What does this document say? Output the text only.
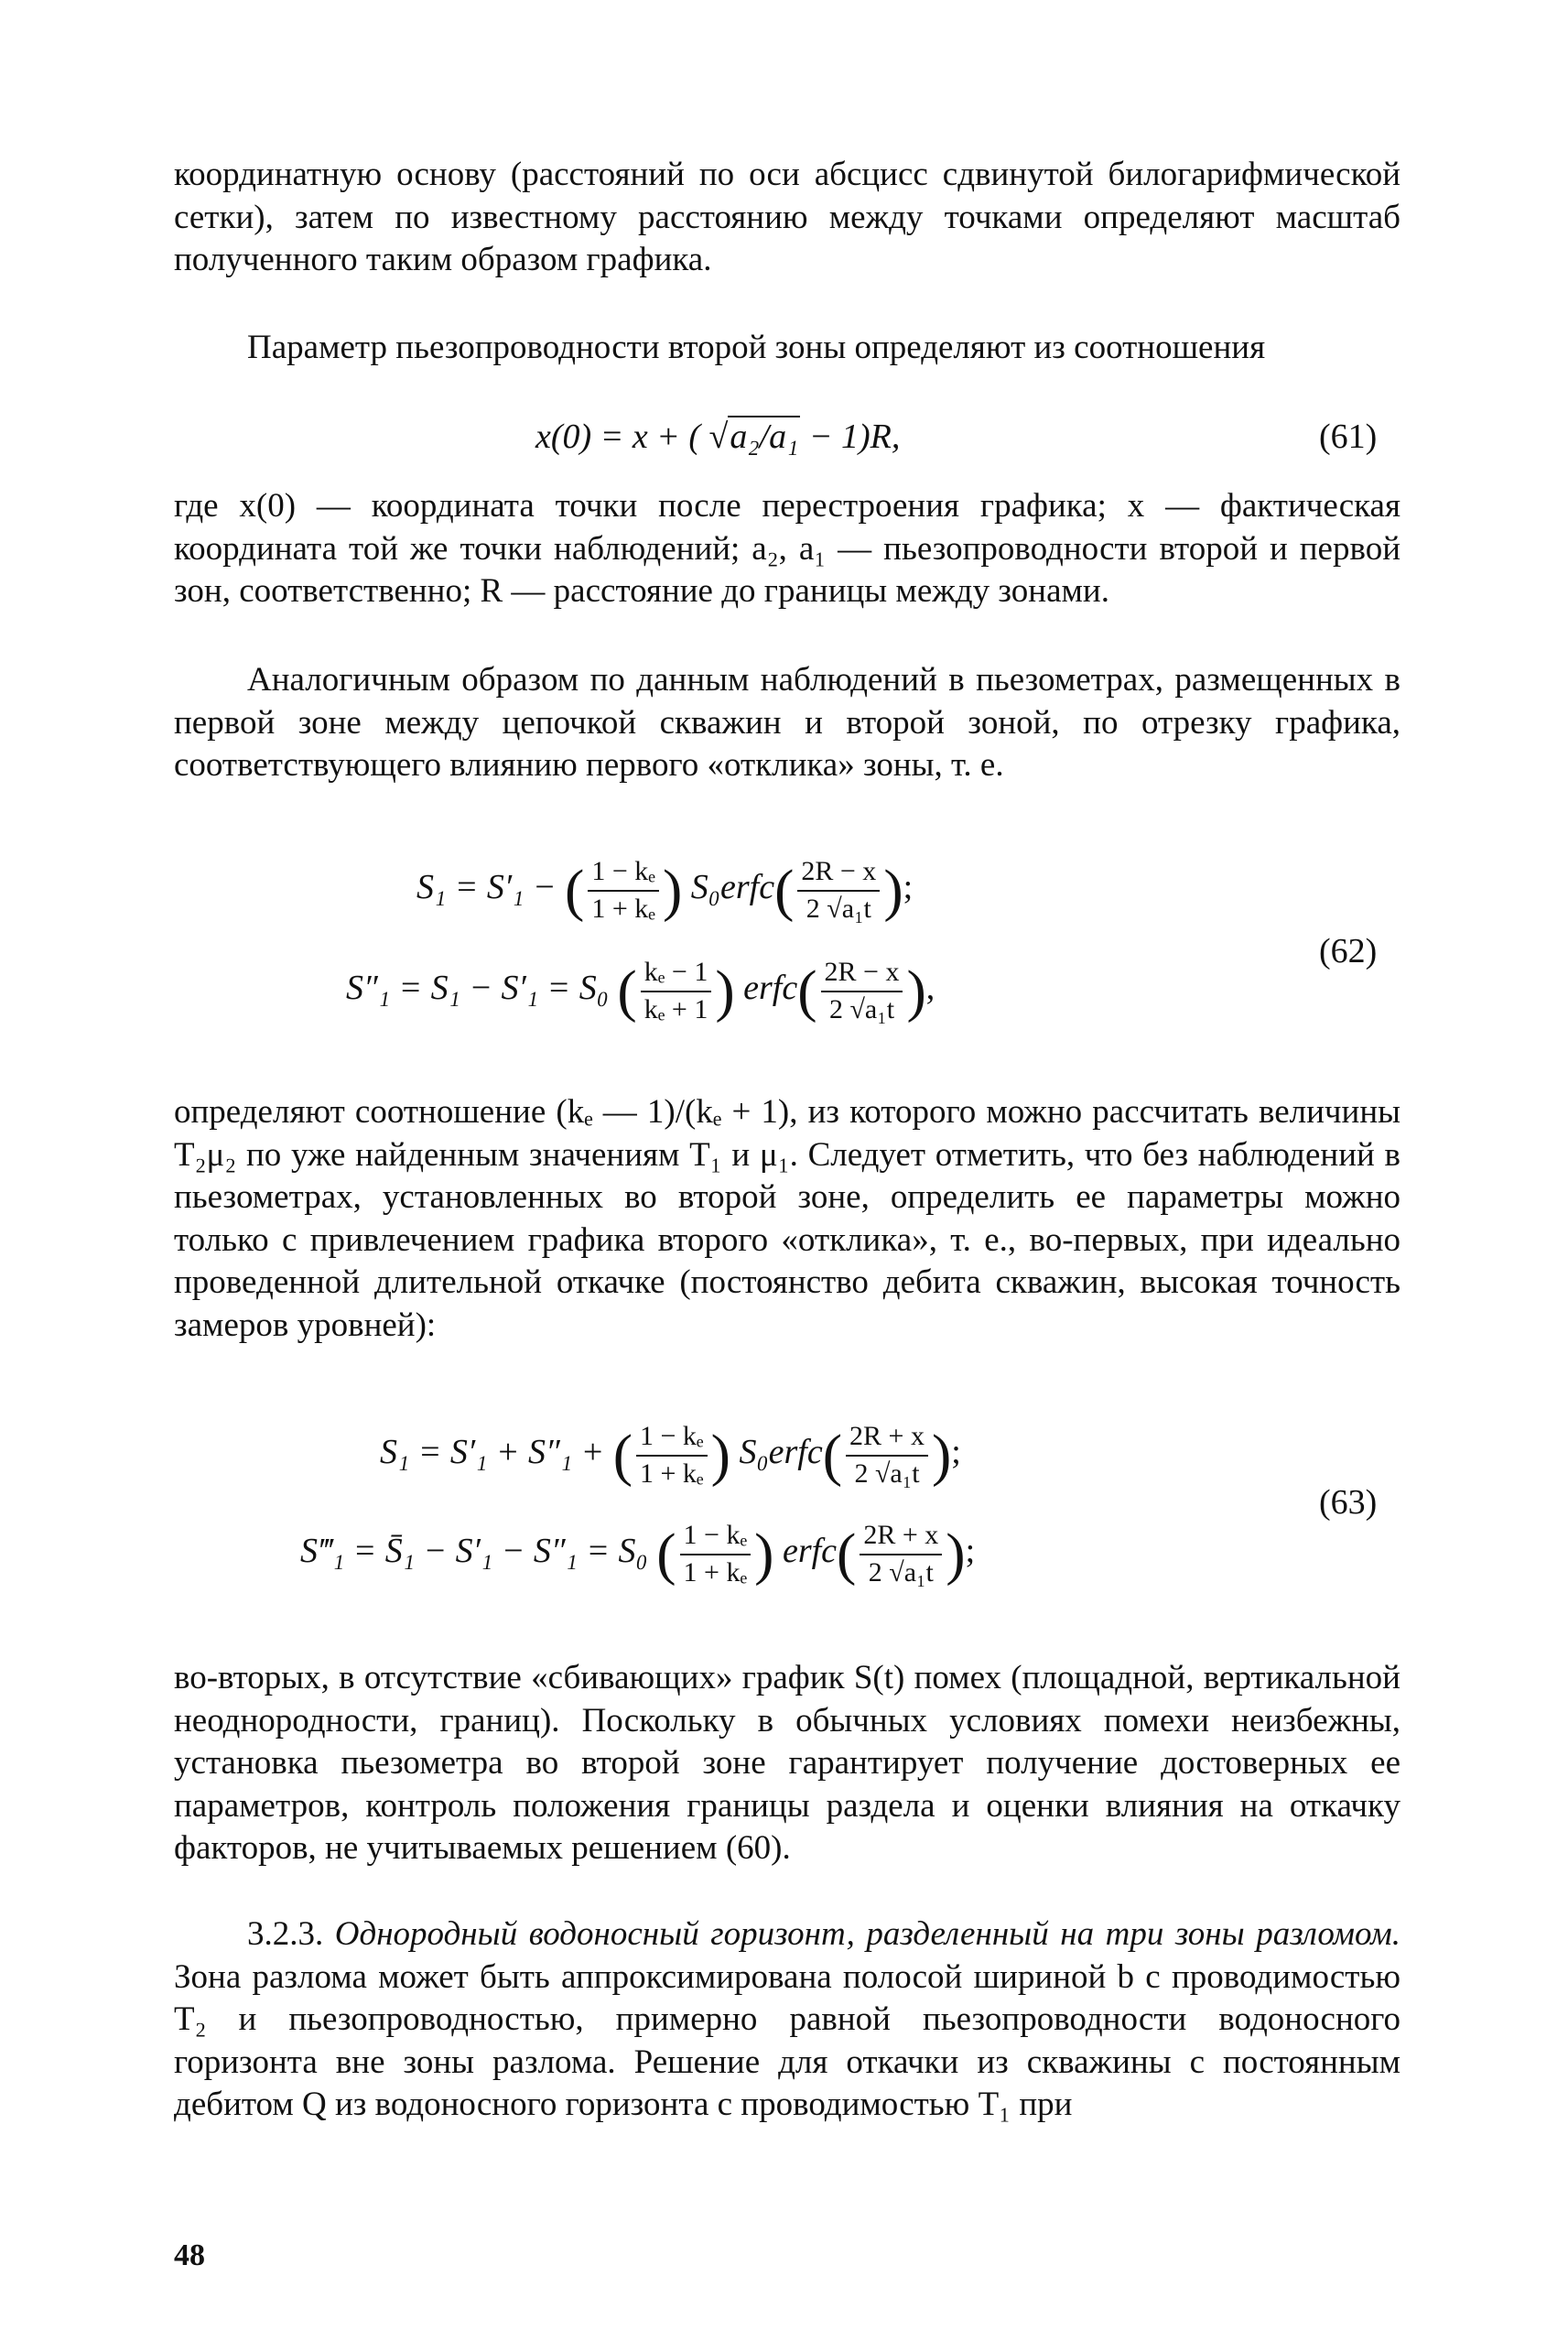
координатную основу (расстояний по оси абсцисс сдвинутой билогарифмической сетки), затем по известному расстоянию между точками определяют масштаб полученного таким образом графика.

Параметр пьезопроводности второй зоны определяют из соотношения

x(0) = x + ( √a₂/a₁ − 1)R,	(61)

где x(0) — координата точки после перестроения графика; x — фактическая координата той же точки наблюдений; a₂, a₁ — пьезопроводности второй и первой зон, соответственно; R — расстояние до границы между зонами.

Аналогичным образом по данным наблюдений в пьезометрах, размещенных в первой зоне между цепочкой скважин и второй зоной, по отрезку графика, соответствующего влиянию первого «отклика» зоны, т. е.

S₁ = S′₁ − ( $\frac{\text{1 − kₑ}}{\text{1 + kₑ}}$ ) S₀erfc( $\frac{2R - x}{\text{2 √a₁t}}$ );
S″₁ = S₁ − S′₁ = S₀ ( $\frac{\text{kₑ − 1}}{\text{kₑ + 1}}$ ) erfc( $\frac{2R - x}{\text{2 √a₁t}}$ ),
(62)

определяют соотношение (kₑ — 1)/(kₑ + 1), из которого можно рассчитать величины T₂μ₂ по уже найденным значениям T₁ и μ₁. Следует отметить, что без наблюдений в пьезометрах, установленных во второй зоне, определить ее параметры можно только с привлечением графика второго «отклика», т. е., во-первых, при идеально проведенной длительной откачке (постоянство дебита скважин, высокая точность замеров уровней):

S₁ = S′₁ + S″₁ + ( $\frac{\text{1 − kₑ}}{\text{1 + kₑ}}$ ) S₀erfc( $\frac{2R + x}{\text{2 √a₁t}}$ );
S‴₁ = S̄₁ − S′₁ − S″₁ = S₀ ( $\frac{\text{1 − kₑ}}{\text{1 + kₑ}}$ ) erfc( $\frac{2R + x}{\text{2 √a₁t}}$ );
(63)

во-вторых, в отсутствие «сбивающих» график S(t) помех (площадной, вертикальной неоднородности, границ). Поскольку в обычных условиях помехи неизбежны, установка пьезометра во второй зоне гарантирует получение достоверных ее параметров, контроль положения границы раздела и оценки влияния на откачку факторов, не учитываемых решением (60).

3.2.3. Однородный водоносный горизонт, разделенный на три зоны разломом. Зона разлома может быть аппроксимирована полосой шириной b с проводимостью T₂ и пьезопроводностью, примерно равной пьезопроводности водоносного горизонта вне зоны разлома. Решение для откачки из скважины с постоянным дебитом Q из водоносного горизонта с проводимостью T₁ при

48
